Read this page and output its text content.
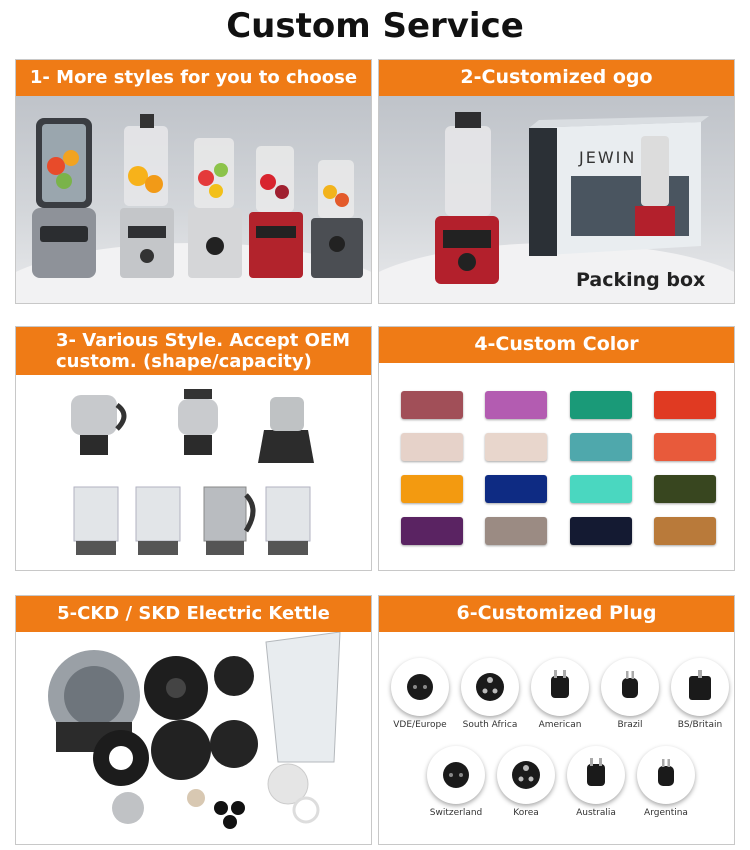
Custom Service
1- More styles for you to choose	2-Customized ogo
JEWIN
Packing box
3- Various Style. Accept OEM
custom. (shape/capacity)
4-Custom Color
5-CKD / SKD Electric Kettle	6-Customized Plug
VDE/Europe	South Africa	American	Brazil	BS/Britain
Switzerland	Korea	Australia	Argentina
